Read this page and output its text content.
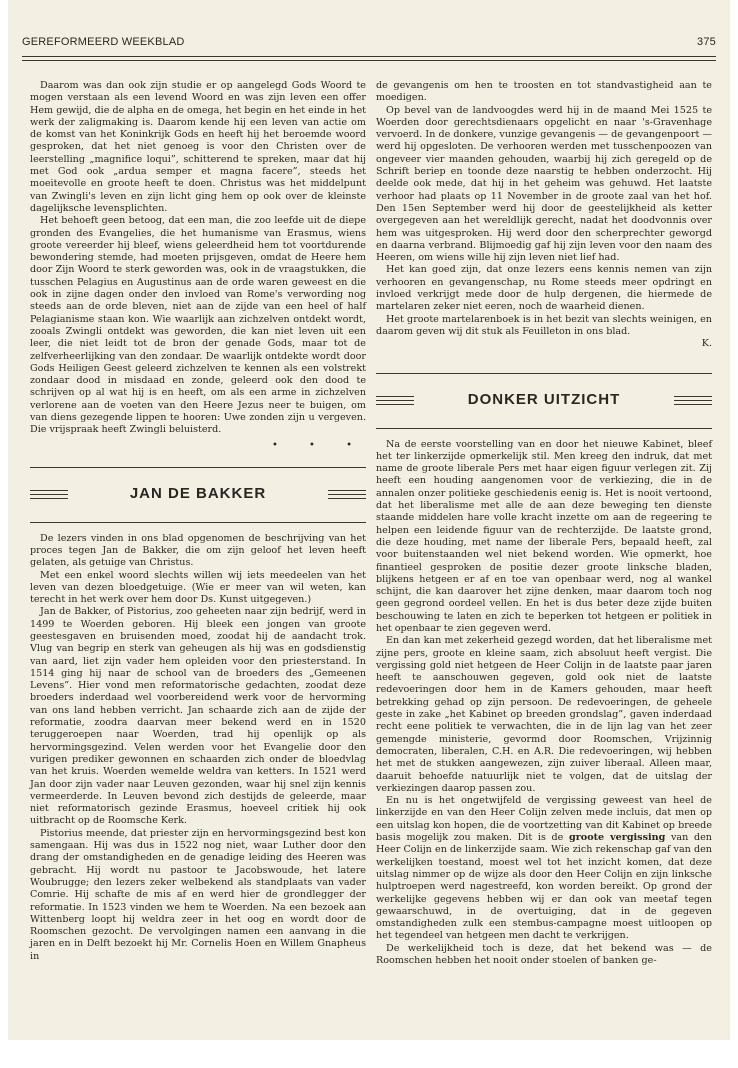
GEREFORMEERD WEEKBLAD	375

Daarom was dan ook zijn studie er op aangelegd Gods Woord te mogen verstaan als een levend Woord en was zijn leven een offer Hem gewijd, die de alpha en de omega, het begin en het einde in het werk der zaligmaking is. Daarom kende hij een leven van actie om de komst van het Koninkrijk Gods en heeft hij het beroemde woord gesproken, dat het niet genoeg is voor den Christen over de leerstelling „magnifice loqui”, schitterend te spreken, maar dat hij met God ook „ardua semper et magna facere”, steeds het moeitevolle en groote heeft te doen. Christus was het middelpunt van Zwingli's leven en zijn licht ging hem op ook over de kleinste dagelijksche levensplichten.

Het behoeft geen betoog, dat een man, die zoo leefde uit de diepe gronden des Evangelies, die het humanisme van Erasmus, wiens groote vereerder hij bleef, wiens geleerdheid hem tot voortdurende bewondering stemde, had moeten prijsgeven, omdat de Heere hem door Zijn Woord te sterk geworden was, ook in de vraagstukken, die tusschen Pelagius en Augustinus aan de orde waren geweest en die ook in zijne dagen onder den invloed van Rome's verwording nog steeds aan de orde bleven, niet aan de zijde van een heel of half Pelagianisme staan kon. Wie waarlijk aan zichzelven ontdekt wordt, zooals Zwingli ontdekt was geworden, die kan niet leven uit een leer, die niet leidt tot de bron der genade Gods, maar tot de zelfverheerlijking van den zondaar. De waarlijk ontdekte wordt door Gods Heiligen Geest geleerd zichzelven te kennen als een volstrekt zondaar dood in misdaad en zonde, geleerd ook den dood te schrijven op al wat hij is en heeft, om als een arme in zichzelven verlorene aan de voeten van den Heere Jezus neer te buigen, om van diens gezegende lippen te hooren: Uwe zonden zijn u vergeven. Die vrijspraak heeft Zwingli beluisterd.

• • •
JAN DE BAKKER

De lezers vinden in ons blad opgenomen de beschrijving van het proces tegen Jan de Bakker, die om zijn geloof het leven heeft gelaten, als getuige van Christus.

Met een enkel woord slechts willen wij iets meedeelen van het leven van dezen bloedgetuige. (Wie er meer van wil weten, kan terecht in het werk over hem door Ds. Kunst uitgegeven.)

Jan de Bakker, of Pistorius, zoo geheeten naar zijn bedrijf, werd in 1499 te Woerden geboren. Hij bleek een jongen van groote geestesgaven en bruisenden moed, zoodat hij de aandacht trok. Vlug van begrip en sterk van geheugen als hij was en godsdienstig van aard, liet zijn vader hem opleiden voor den priesterstand. In 1514 ging hij naar de school van de broeders des „Gemeenen Levens”. Hier vond men reformatorische gedachten, zoodat deze broeders inderdaad wel voorbereidend werk voor de hervorming van ons land hebben verricht. Jan schaarde zich aan de zijde der reformatie, zoodra daarvan meer bekend werd en in 1520 teruggeroepen naar Woerden, trad hij openlijk op als hervormingsgezind. Velen werden voor het Evangelie door den vurigen prediker gewonnen en schaarden zich onder de bloedvlag van het kruis. Woerden wemelde weldra van ketters. In 1521 werd Jan door zijn vader naar Leuven gezonden, waar hij snel zijn kennis vermeerderde. In Leuven bevond zich destijds de geleerde, maar niet reformatorisch gezinde Erasmus, hoeveel critiek hij ook uitbracht op de Roomsche Kerk.

Pistorius meende, dat priester zijn en hervormingsgezind best kon samengaan. Hij was dus in 1522 nog niet, waar Luther door den drang der omstandigheden en de genadige leiding des Heeren was gebracht. Hij wordt nu pastoor te Jacobswoude, het latere Woubrugge; den lezers zeker welbekend als standplaats van vader Comrie. Hij schafte de mis af en werd hier de grondlegger der reformatie. In 1523 vinden we hem te Woerden. Na een bezoek aan Wittenberg loopt hij weldra zeer in het oog en wordt door de Roomschen gezocht. De vervolgingen namen een aanvang in die jaren en in Delft bezoekt hij Mr. Cornelis Hoen en Willem Gnapheus in

de gevangenis om hen te troosten en tot standvastigheid aan te moedigen.

Op bevel van de landvoogdes werd hij in de maand Mei 1525 te Woerden door gerechtsdienaars opgelicht en naar 's-Gravenhage vervoerd. In de donkere, vunzige gevangenis — de gevangenpoort — werd hij opgesloten. De verhooren werden met tusschenpoozen van ongeveer vier maanden gehouden, waarbij hij zich geregeld op de Schrift beriep en toonde deze naarstig te hebben onderzocht. Hij deelde ook mede, dat hij in het geheim was gehuwd. Het laatste verhoor had plaats op 11 November in de groote zaal van het hof. Den 15en September werd hij door de geestelijkheid als ketter overgegeven aan het wereldlijk gerecht, nadat het doodvonnis over hem was uitgesproken. Hij werd door den scherprechter geworgd en daarna verbrand. Blijmoedig gaf hij zijn leven voor den naam des Heeren, om wiens wille hij zijn leven niet lief had.

Het kan goed zijn, dat onze lezers eens kennis nemen van zijn verhooren en gevangenschap, nu Rome steeds meer opdringt en invloed verkrijgt mede door de hulp dergenen, die hiermede de martelaren zeker niet eeren, noch de waarheid dienen.

Het groote martelarenboek is in het bezit van slechts weinigen, en daarom geven wij dit stuk als Feuilleton in ons blad.

K.

DONKER UITZICHT

Na de eerste voorstelling van en door het nieuwe Kabinet, bleef het ter linkerzijde opmerkelijk stil. Men kreeg den indruk, dat met name de groote liberale Pers met haar eigen figuur verlegen zit. Zij heeft een houding aangenomen voor de verkiezing, die in de annalen onzer politieke geschiedenis eenig is. Het is nooit vertoond, dat het liberalisme met alle de aan deze beweging ten dienste staande middelen hare volle kracht inzette om aan de regeering te helpen een leidende figuur van de rechterzijde. De laatste grond, die deze houding, met name der liberale Pers, bepaald heeft, zal voor buitenstaanden wel niet bekend worden. Wie opmerkt, hoe finantieel gesproken de positie dezer groote linksche bladen, blijkens hetgeen er af en toe van openbaar werd, nog al wankel schijnt, die kan daarover het zijne denken, maar daarom toch nog geen gegrond oordeel vellen. En het is dus beter deze zijde buiten beschouwing te laten en zich te beperken tot hetgeen er politiek in het openbaar te zien gegeven werd.

En dan kan met zekerheid gezegd worden, dat het liberalisme met zijne pers, groote en kleine saam, zich absoluut heeft vergist. Die vergissing gold niet hetgeen de Heer Colijn in de laatste paar jaren heeft te aanschouwen gegeven, gold ook niet de laatste redevoeringen door hem in de Kamers gehouden, maar heeft betrekking gehad op zijn persoon. De redevoeringen, de geheele geste in zake „het Kabinet op breeden grondslag”, gaven inderdaad recht eene politiek te verwachten, die in de lijn lag van het zeer gemengde ministerie, gevormd door Roomschen, Vrijzinnig democraten, liberalen, C.H. en A.R. Die redevoeringen, wij hebben het met de stukken aangewezen, zijn zuiver liberaal. Alleen maar, daaruit behoefde natuurlijk niet te volgen, dat de uitslag der verkiezingen daarop passen zou.

En nu is het ongetwijfeld de vergissing geweest van heel de linkerzijde en van den Heer Colijn zelven mede incluis, dat men op een uitslag kon hopen, die de voortzetting van dit Kabinet op breede basis mogelijk zou maken. Dit is de groote vergissing van den Heer Colijn en de linkerzijde saam. Wie zich rekenschap gaf van den werkelijken toestand, moest wel tot het inzicht komen, dat deze uitslag nimmer op de wijze als door den Heer Colijn en zijn linksche hulptroepen werd nagestreefd, kon worden bereikt. Op grond der werkelijke gegevens hebben wij er dan ook van meetaf tegen gewaarschuwd, in de overtuiging, dat in de gegeven omstandigheden zulk een stembus-campagne moest uitloopen op het tegendeel van hetgeen men dacht te verkrijgen.

De werkelijkheid toch is deze, dat het bekend was — de Roomschen hebben het nooit onder stoelen of banken ge-
